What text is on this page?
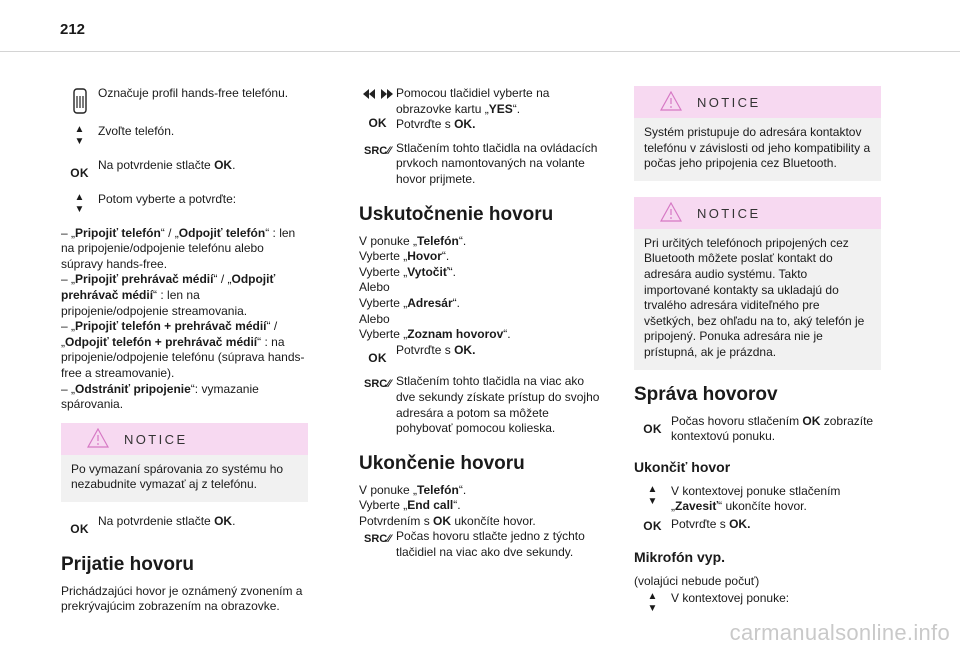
212
Označuje profil hands-free telefónu.
▲
▼
Zvoľte telefón.
OK
Na potvrdenie stlačte OK.
▲
▼
Potom vyberte a potvrďte:

– „Pripojiť telefón“ / „Odpojiť telefón“ : len na pripojenie/odpojenie telefónu alebo súpravy hands-free.

– „Pripojiť prehrávač médií“ / „Odpojiť prehrávač médií“ : len na pripojenie/odpojenie streamovania.

– „Pripojiť telefón + prehrávač médií“ / „Odpojiť telefón + prehrávač médií“ : na pripojenie/odpojenie telefónu (súprava hands-free a streamovanie).

– „Odstrániť pripojenie“: vymazanie spárovania.

NOTICE

Po vymazaní spárovania zo systému ho nezabudnite vymazať aj z telefónu.

OK
Na potvrdenie stlačte OK.
Prijatie hovoru

Prichádzajúci hovor je oznámený zvonením a prekrývajúcim zobrazením na obrazovke.

OK
Pomocou tlačidiel vyberte na obrazovke kartu „YES“.
Potvrďte s OK.
SRC ⁄⁄ Stlačením tohto tlačidla na ovládacích prvkoch namontovaných na volante hovor prijmete.
Uskutočnenie hovoru
V ponuke „Telefón“.
Vyberte „Hovor“.
Vyberte „Vytočiť“.
Alebo
Vyberte „Adresár“.
Alebo
Vyberte „Zoznam hovorov“.
OK
Potvrďte s OK.
SRC ⁄⁄ Stlačením tohto tlačidla na viac ako dve sekundy získate prístup do svojho adresára a potom sa môžete pohybovať pomocou kolieska.
Ukončenie hovoru
V ponuke „Telefón“.
Vyberte „End call“.
Potvrdením s OK ukončíte hovor.
SRC ⁄⁄ Počas hovoru stlačte jedno z týchto tlačidiel na viac ako dve sekundy.
NOTICE

Systém pristupuje do adresára kontaktov telefónu v závislosti od jeho kompatibility a počas jeho pripojenia cez Bluetooth.

NOTICE

Pri určitých telefónoch pripojených cez Bluetooth môžete poslať kontakt do adresára audio systému. Takto importované kontakty sa ukladajú do trvalého adresára viditeľného pre všetkých, bez ohľadu na to, aký telefón je pripojený. Ponuka adresára nie je prístupná, ak je prázdna.

Správa hovorov
OK
Počas hovoru stlačením OK zobrazíte kontextovú ponuku.
Ukončiť hovor
▲
▼
V kontextovej ponuke stlačením „Zavesiť“ ukončíte hovor.
OK Potvrďte s OK.
Mikrofón vyp.

(volajúci nebude počuť)

▲
▼
V kontextovej ponuke:
carmanualsonline.info
